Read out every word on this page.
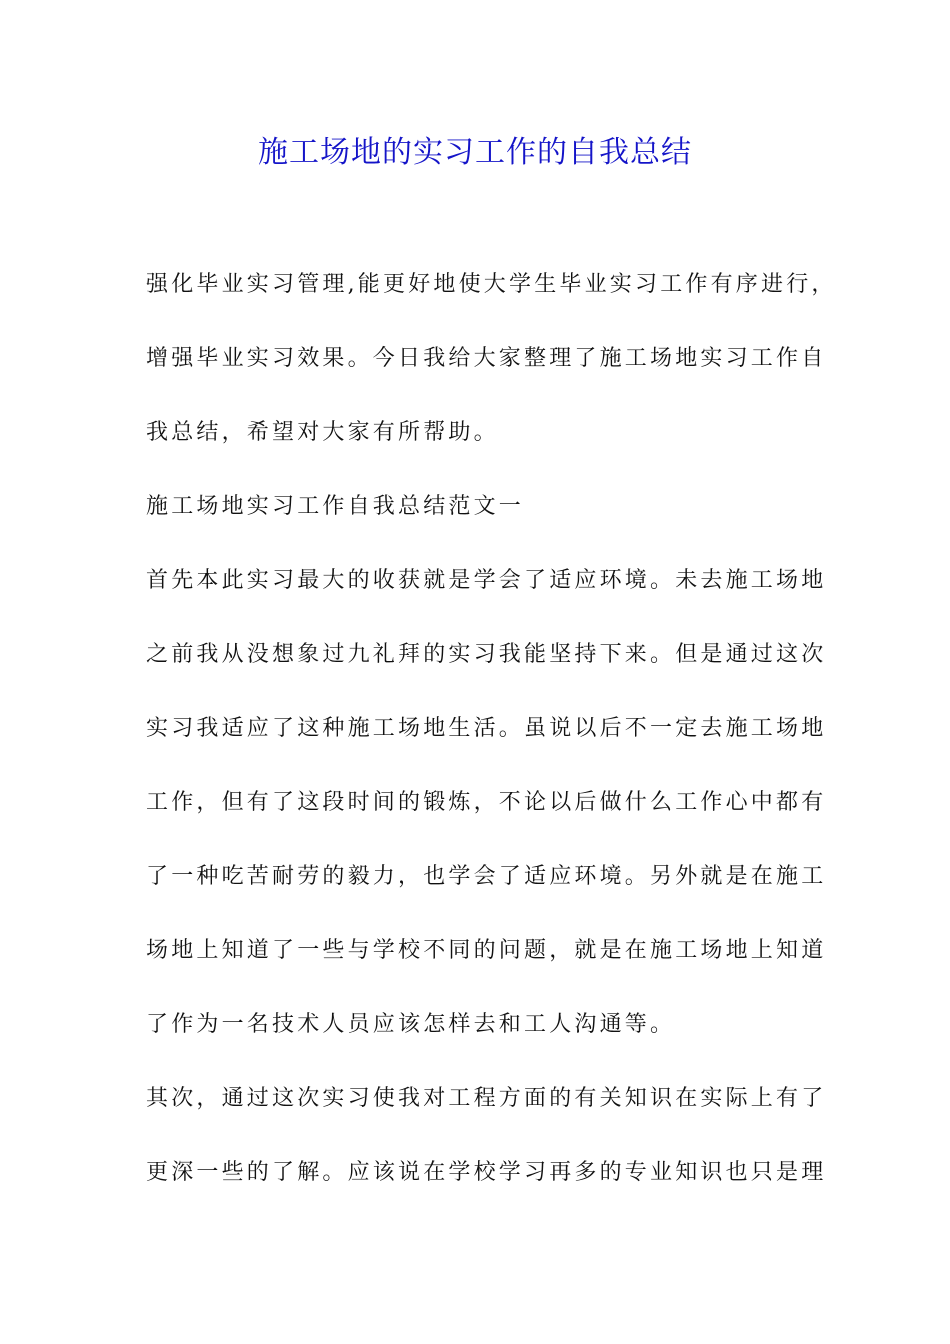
施工场地的实习工作的自我总结
强化毕业实习管理,能更好地使大学生毕业实习工作有序进行，
增强毕业实习效果。今日我给大家整理了施工场地实习工作自
我总结，希望对大家有所帮助。
施工场地实习工作自我总结范文一
首先本此实习最大的收获就是学会了适应环境。未去施工场地
之前我从没想象过九礼拜的实习我能坚持下来。但是通过这次
实习我适应了这种施工场地生活。虽说以后不一定去施工场地
工作，但有了这段时间的锻炼，不论以后做什么工作心中都有
了一种吃苦耐劳的毅力，也学会了适应环境。另外就是在施工
场地上知道了一些与学校不同的问题，就是在施工场地上知道
了作为一名技术人员应该怎样去和工人沟通等。
其次，通过这次实习使我对工程方面的有关知识在实际上有了
更深一些的了解。应该说在学校学习再多的专业知识也只是理
